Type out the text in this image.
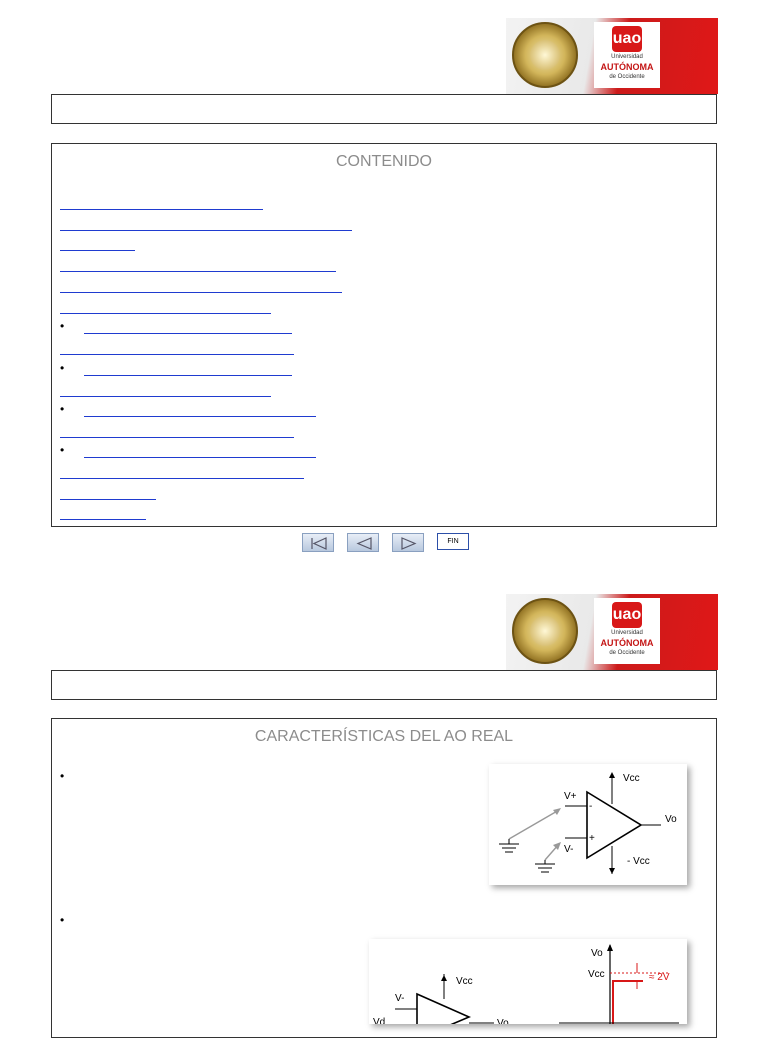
uao
Universidad
AUTÓNOMA
de Occidente
CONTENIDO
•
•
•
•
FIN
uao
Universidad
AUTÓNOMA
de Occidente
CARACTERÍSTICAS DEL AO REAL
•
•
Vcc
-
+
V+
V-
Vo
- Vcc
Vcc
V-
Vd	Vo
Vo
Vcc	≈ 2V
